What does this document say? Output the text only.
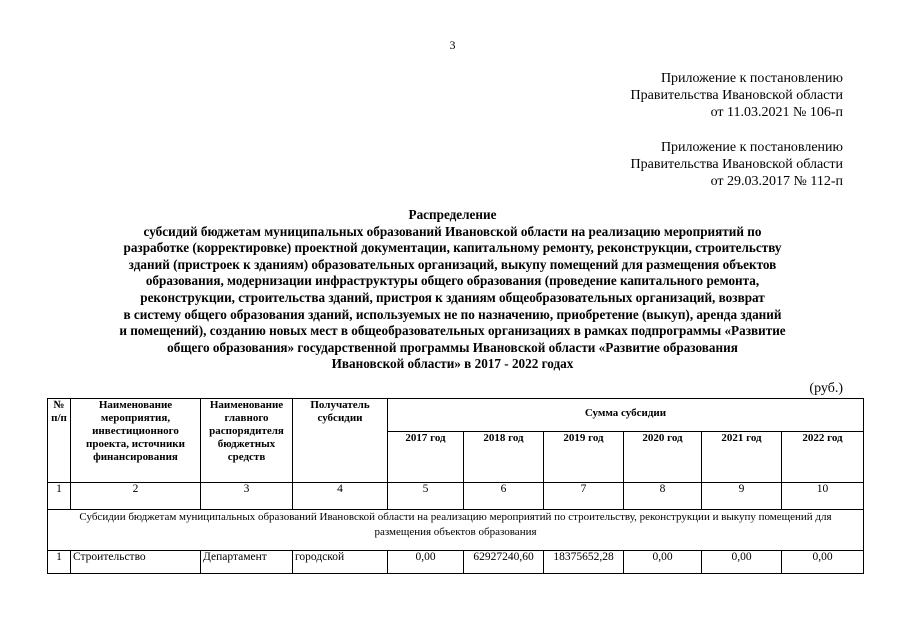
3
Приложение к постановлению
Правительства Ивановской области
от 11.03.2021 № 106-п
Приложение к постановлению
Правительства Ивановской области
от 29.03.2017 № 112-п
Распределение
субсидий бюджетам муниципальных образований Ивановской области на реализацию мероприятий по
разработке (корректировке) проектной документации, капитальному ремонту, реконструкции, строительству
зданий (пристроек к зданиям) образовательных организаций, выкупу помещений для размещения объектов
образования, модернизации инфраструктуры общего образования (проведение капитального ремонта,
реконструкции, строительства зданий, пристроя к зданиям общеобразовательных организаций, возврат
в систему общего образования зданий, используемых не по назначению, приобретение (выкуп), аренда зданий
и помещений), созданию новых мест в общеобразовательных организациях в рамках подпрограммы «Развитие
общего образования» государственной программы Ивановской области «Развитие образования
Ивановской области» в 2017 - 2022 годах
(руб.)
№ п/п	Наименование мероприятия, инвестиционного проекта, источники финансирования	Наименование главного распорядителя бюджетных средств	Получатель субсидии	Сумма субсидии					
				2017 год	2018 год	2019 год	2020 год	2021 год	2022 год
1	2	3	4	5	6	7	8	9	10
Субсидии бюджетам муниципальных образований Ивановской области на реализацию мероприятий по строительству, реконструкции и выкупу помещений для размещения объектов образования									
1	Строительство	Департамент	городской	0,00	62927240,60	18375652,28	0,00	0,00	0,00
